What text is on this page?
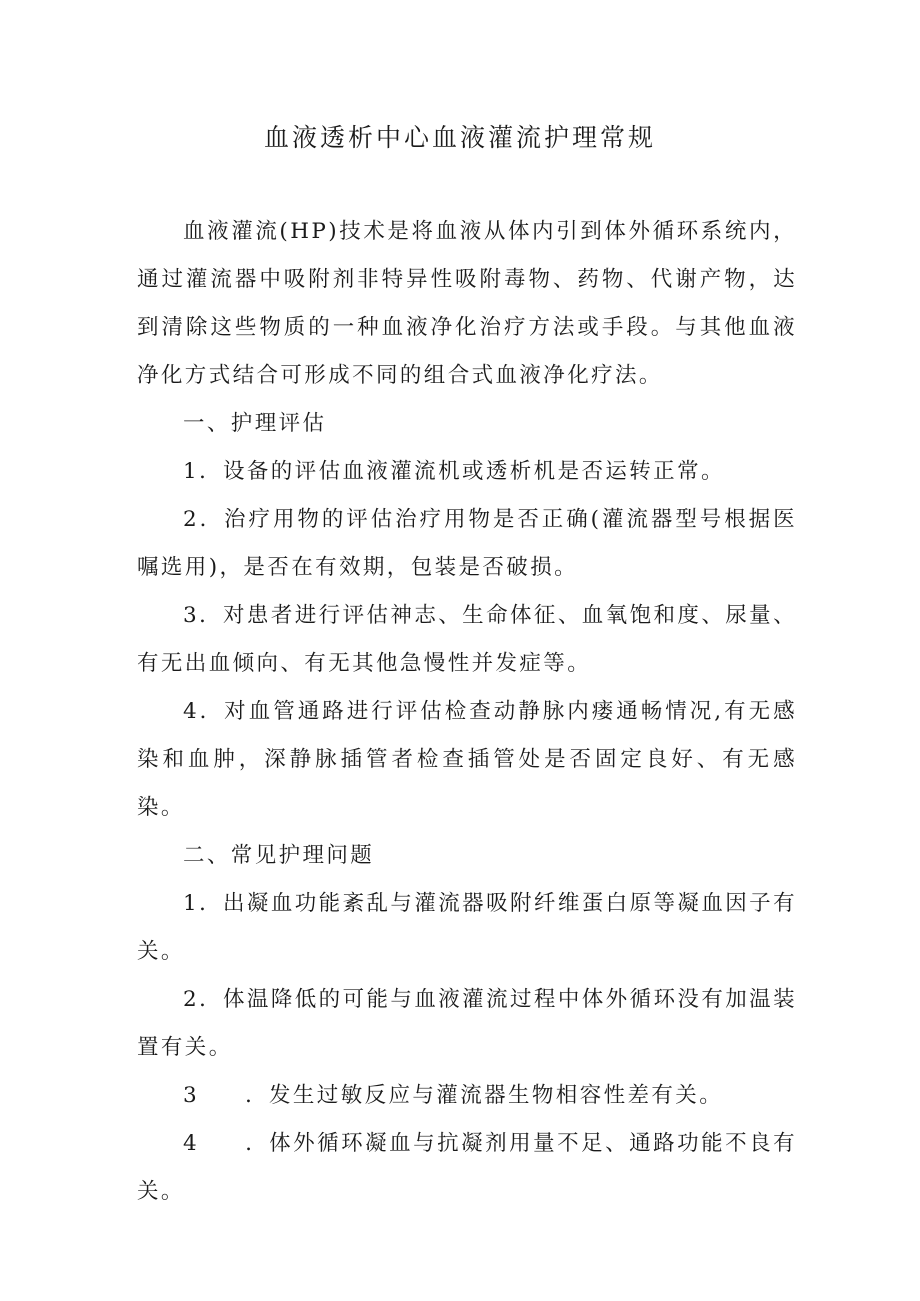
血液透析中心血液灌流护理常规

血液灌流(HP)技术是将血液从体内引到体外循环系统内，通过灌流器中吸附剂非特异性吸附毒物、药物、代谢产物，达到清除这些物质的一种血液净化治疗方法或手段。与其他血液净化方式结合可形成不同的组合式血液净化疗法。

一、护理评估

1．设备的评估血液灌流机或透析机是否运转正常。

2．治疗用物的评估治疗用物是否正确(灌流器型号根据医嘱选用)，是否在有效期，包装是否破损。

3．对患者进行评估神志、生命体征、血氧饱和度、尿量、有无出血倾向、有无其他急慢性并发症等。

4．对血管通路进行评估检查动静脉内瘘通畅情况,有无感染和血肿，深静脉插管者检查插管处是否固定良好、有无感染。

二、常见护理问题

1．出凝血功能紊乱与灌流器吸附纤维蛋白原等凝血因子有关。

2．体温降低的可能与血液灌流过程中体外循环没有加温装置有关。

3 ．发生过敏反应与灌流器生物相容性差有关。

4 ．体外循环凝血与抗凝剂用量不足、通路功能不良有关。
